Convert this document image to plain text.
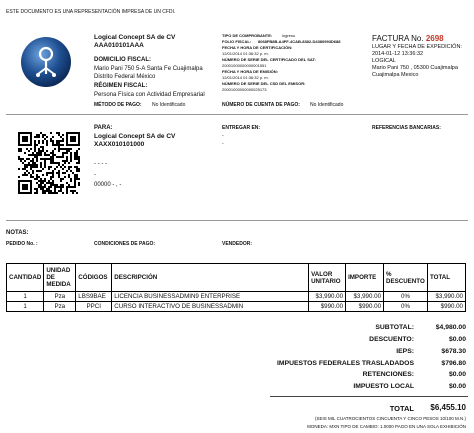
ESTE DOCUMENTO ES UNA REPRESENTACIÓN IMPRESA DE UN CFDI.
Logical Concept SA de CV
AAA010101AAA
DOMICILIO FISCAL:
Mario Pani 750 5-A Santa Fe Cuajimalpa
Distrito Federal México
RÉGIMEN FISCAL:
Persona Física con Actividad Empresarial
MÉTODO DE PAGO: No Identificado
TIPO DE COMPROBANTE: ingreso
FOLIO FISCAL: 8068FB8B-A4FF-4CAB-8382-D4380993D688
FECHA Y HORA DE CERTIFICACIÓN:
12/01/2014 01:36:32 p. m.
NÚMERO DE SERIE DEL CERTIFICADO DEL SAT:
20001000000000001551
FECHA Y HORA DE EMISIÓN:
12/01/2014 01:36:32 p. m.
NÚMERO DE SERIE DEL CSD DEL EMISOR:
20001000000000025173
NÚMERO DE CUENTA DE PAGO: No Identificado
FACTURA No. 2698
LUGAR Y FECHA DE EXPEDICIÓN:
2014-01-12 13:36:32
LOGICAL
Mario Pani 750 , 05300 Cuajimalpa
Cuajimalpa Mexico
PARA:
Logical Concept SA de CV
XAXX010101000
- - - -
-
00000 - , -
ENTREGAR EN:
-
-
REFERENCIAS BANCARIAS:
NOTAS:
PEDIDO No. :	CONDICIONES DE PAGO:	VENDEDOR:
CANTIDAD	UNIDAD DE MEDIDA	CÓDIGOS	DESCRIPCIÓN	VALOR UNITARIO	IMPORTE	% DESCUENTO	TOTAL
1	Pza	LBS9BAE	LICENCIA BUSINESSADMIN9 ENTERPRISE	$3,990.00	$3,990.00	0%	$3,990.00
1	Pza	PPCI	CURSO INTERACTIVO DE BUSINESSADMIN	$990.00	$990.00	0%	$990.00
SUBTOTAL:	$4,980.00
DESCUENTO:	$0.00
IEPS:	$678.30
IMPUESTOS FEDERALES TRASLADADOS	$796.80
RETENCIONES:	$0.00
IMPUESTO LOCAL	$0.00
TOTAL $6,455.10
(SEIS MIL CUATROCIENTOS CINCUENTA Y CINCO PESOS 10/100 M.N.)
MONEDA: MXN TIPO DE CAMBIO: 1.0000 PAGO EN UNA SOLA EXHIBICIÓN
